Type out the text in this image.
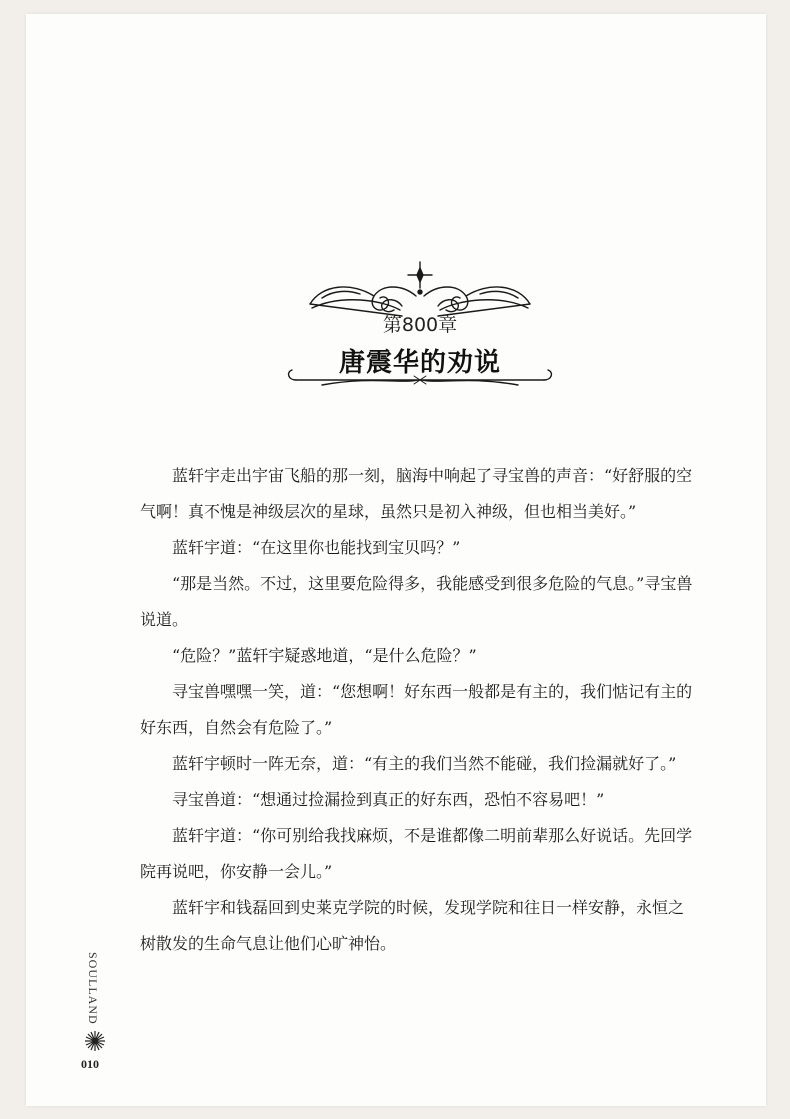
第800章
唐震华的劝说

蓝轩宇走出宇宙飞船的那一刻，脑海中响起了寻宝兽的声音：“好舒服的空气啊！真不愧是神级层次的星球，虽然只是初入神级，但也相当美好。”

蓝轩宇道：“在这里你也能找到宝贝吗？”

“那是当然。不过，这里要危险得多，我能感受到很多危险的气息。”寻宝兽说道。

“危险？”蓝轩宇疑惑地道，“是什么危险？”

寻宝兽嘿嘿一笑，道：“您想啊！好东西一般都是有主的，我们惦记有主的好东西，自然会有危险了。”

蓝轩宇顿时一阵无奈，道：“有主的我们当然不能碰，我们捡漏就好了。”

寻宝兽道：“想通过捡漏捡到真正的好东西，恐怕不容易吧！”

蓝轩宇道：“你可别给我找麻烦，不是谁都像二明前辈那么好说话。先回学院再说吧，你安静一会儿。”

蓝轩宇和钱磊回到史莱克学院的时候，发现学院和往日一样安静，永恒之树散发的生命气息让他们心旷神怡。

SOULLAND
010
